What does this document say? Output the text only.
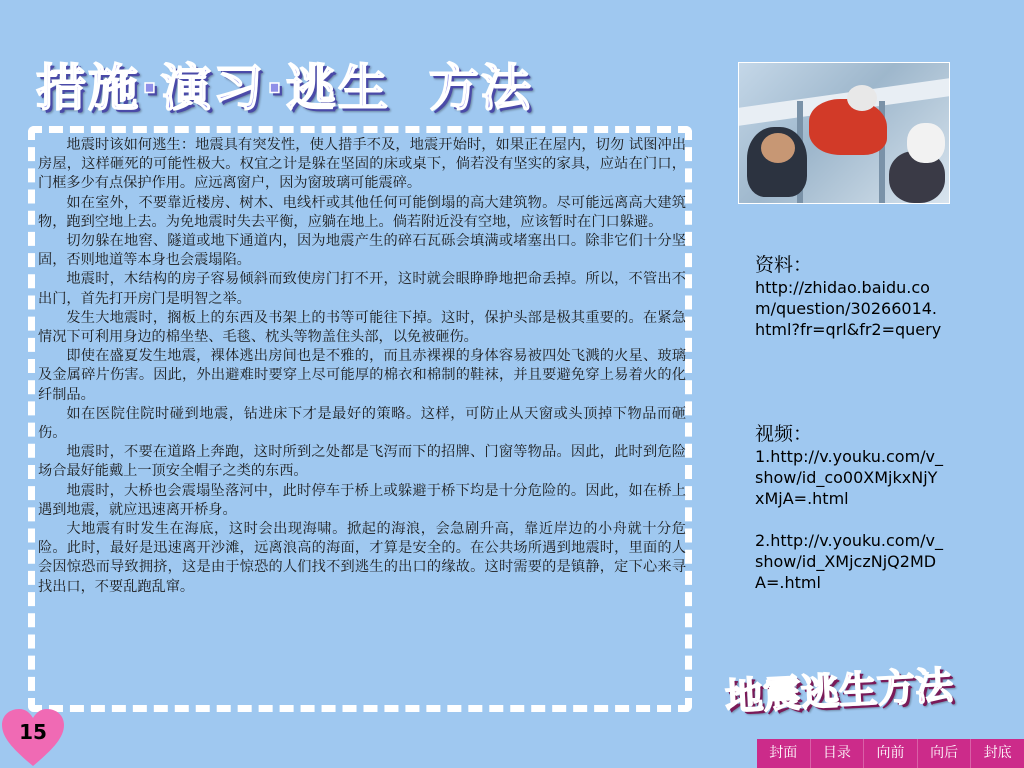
措施·演习·逃生  方法

地震时该如何逃生：地震具有突发性，使人措手不及，地震开始时，如果正在屋内，切勿 试图冲出房屋，这样砸死的可能性极大。权宜之计是躲在坚固的床或桌下，倘若没有坚实的家具，应站在门口，门框多少有点保护作用。应远离窗户，因为窗玻璃可能震碎。

如在室外，不要靠近楼房、树木、电线杆或其他任何可能倒塌的高大建筑物。尽可能远离高大建筑物，跑到空地上去。为免地震时失去平衡，应躺在地上。倘若附近没有空地，应该暂时在门口躲避。

切勿躲在地窖、隧道或地下通道内，因为地震产生的碎石瓦砾会填满或堵塞出口。除非它们十分坚固，否则地道等本身也会震塌陷。

地震时，木结构的房子容易倾斜而致使房门打不开，这时就会眼睁睁地把命丢掉。所以，不管出不出门，首先打开房门是明智之举。

发生大地震时，搁板上的东西及书架上的书等可能往下掉。这时，保护头部是极其重要的。在紧急情况下可利用身边的棉坐垫、毛毯、枕头等物盖住头部，以免被砸伤。

即使在盛夏发生地震，裸体逃出房间也是不雅的，而且赤裸裸的身体容易被四处飞溅的火星、玻璃及金属碎片伤害。因此，外出避难时要穿上尽可能厚的棉衣和棉制的鞋袜，并且要避免穿上易着火的化纤制品。

如在医院住院时碰到地震，钻进床下才是最好的策略。这样，可防止从天窗或头顶掉下物品而砸伤。

地震时，不要在道路上奔跑，这时所到之处都是飞泻而下的招牌、门窗等物品。因此，此时到危险场合最好能戴上一顶安全帽子之类的东西。

地震时，大桥也会震塌坠落河中，此时停车于桥上或躲避于桥下均是十分危险的。因此，如在桥上遇到地震，就应迅速离开桥身。

大地震有时发生在海底，这时会出现海啸。掀起的海浪，会急剧升高，靠近岸边的小舟就十分危险。此时，最好是迅速离开沙滩，远离浪高的海面，才算是安全的。在公共场所遇到地震时，里面的人会因惊恐而导致拥挤，这是由于惊恐的人们找不到逃生的出口的缘故。这时需要的是镇静，定下心来寻找出口，不要乱跑乱窜。

资料：
http://zhidao.baidu.com/question/30266014.html?fr=qrl&fr2=query
视频：
1.http://v.youku.com/v_show/id_co00XMjkxNjYxMjA=.html
2.http://v.youku.com/v_show/id_XMjczNjQ2MDA=.html
地震逃生方法
15
封面	目录	向前	向后	封底
